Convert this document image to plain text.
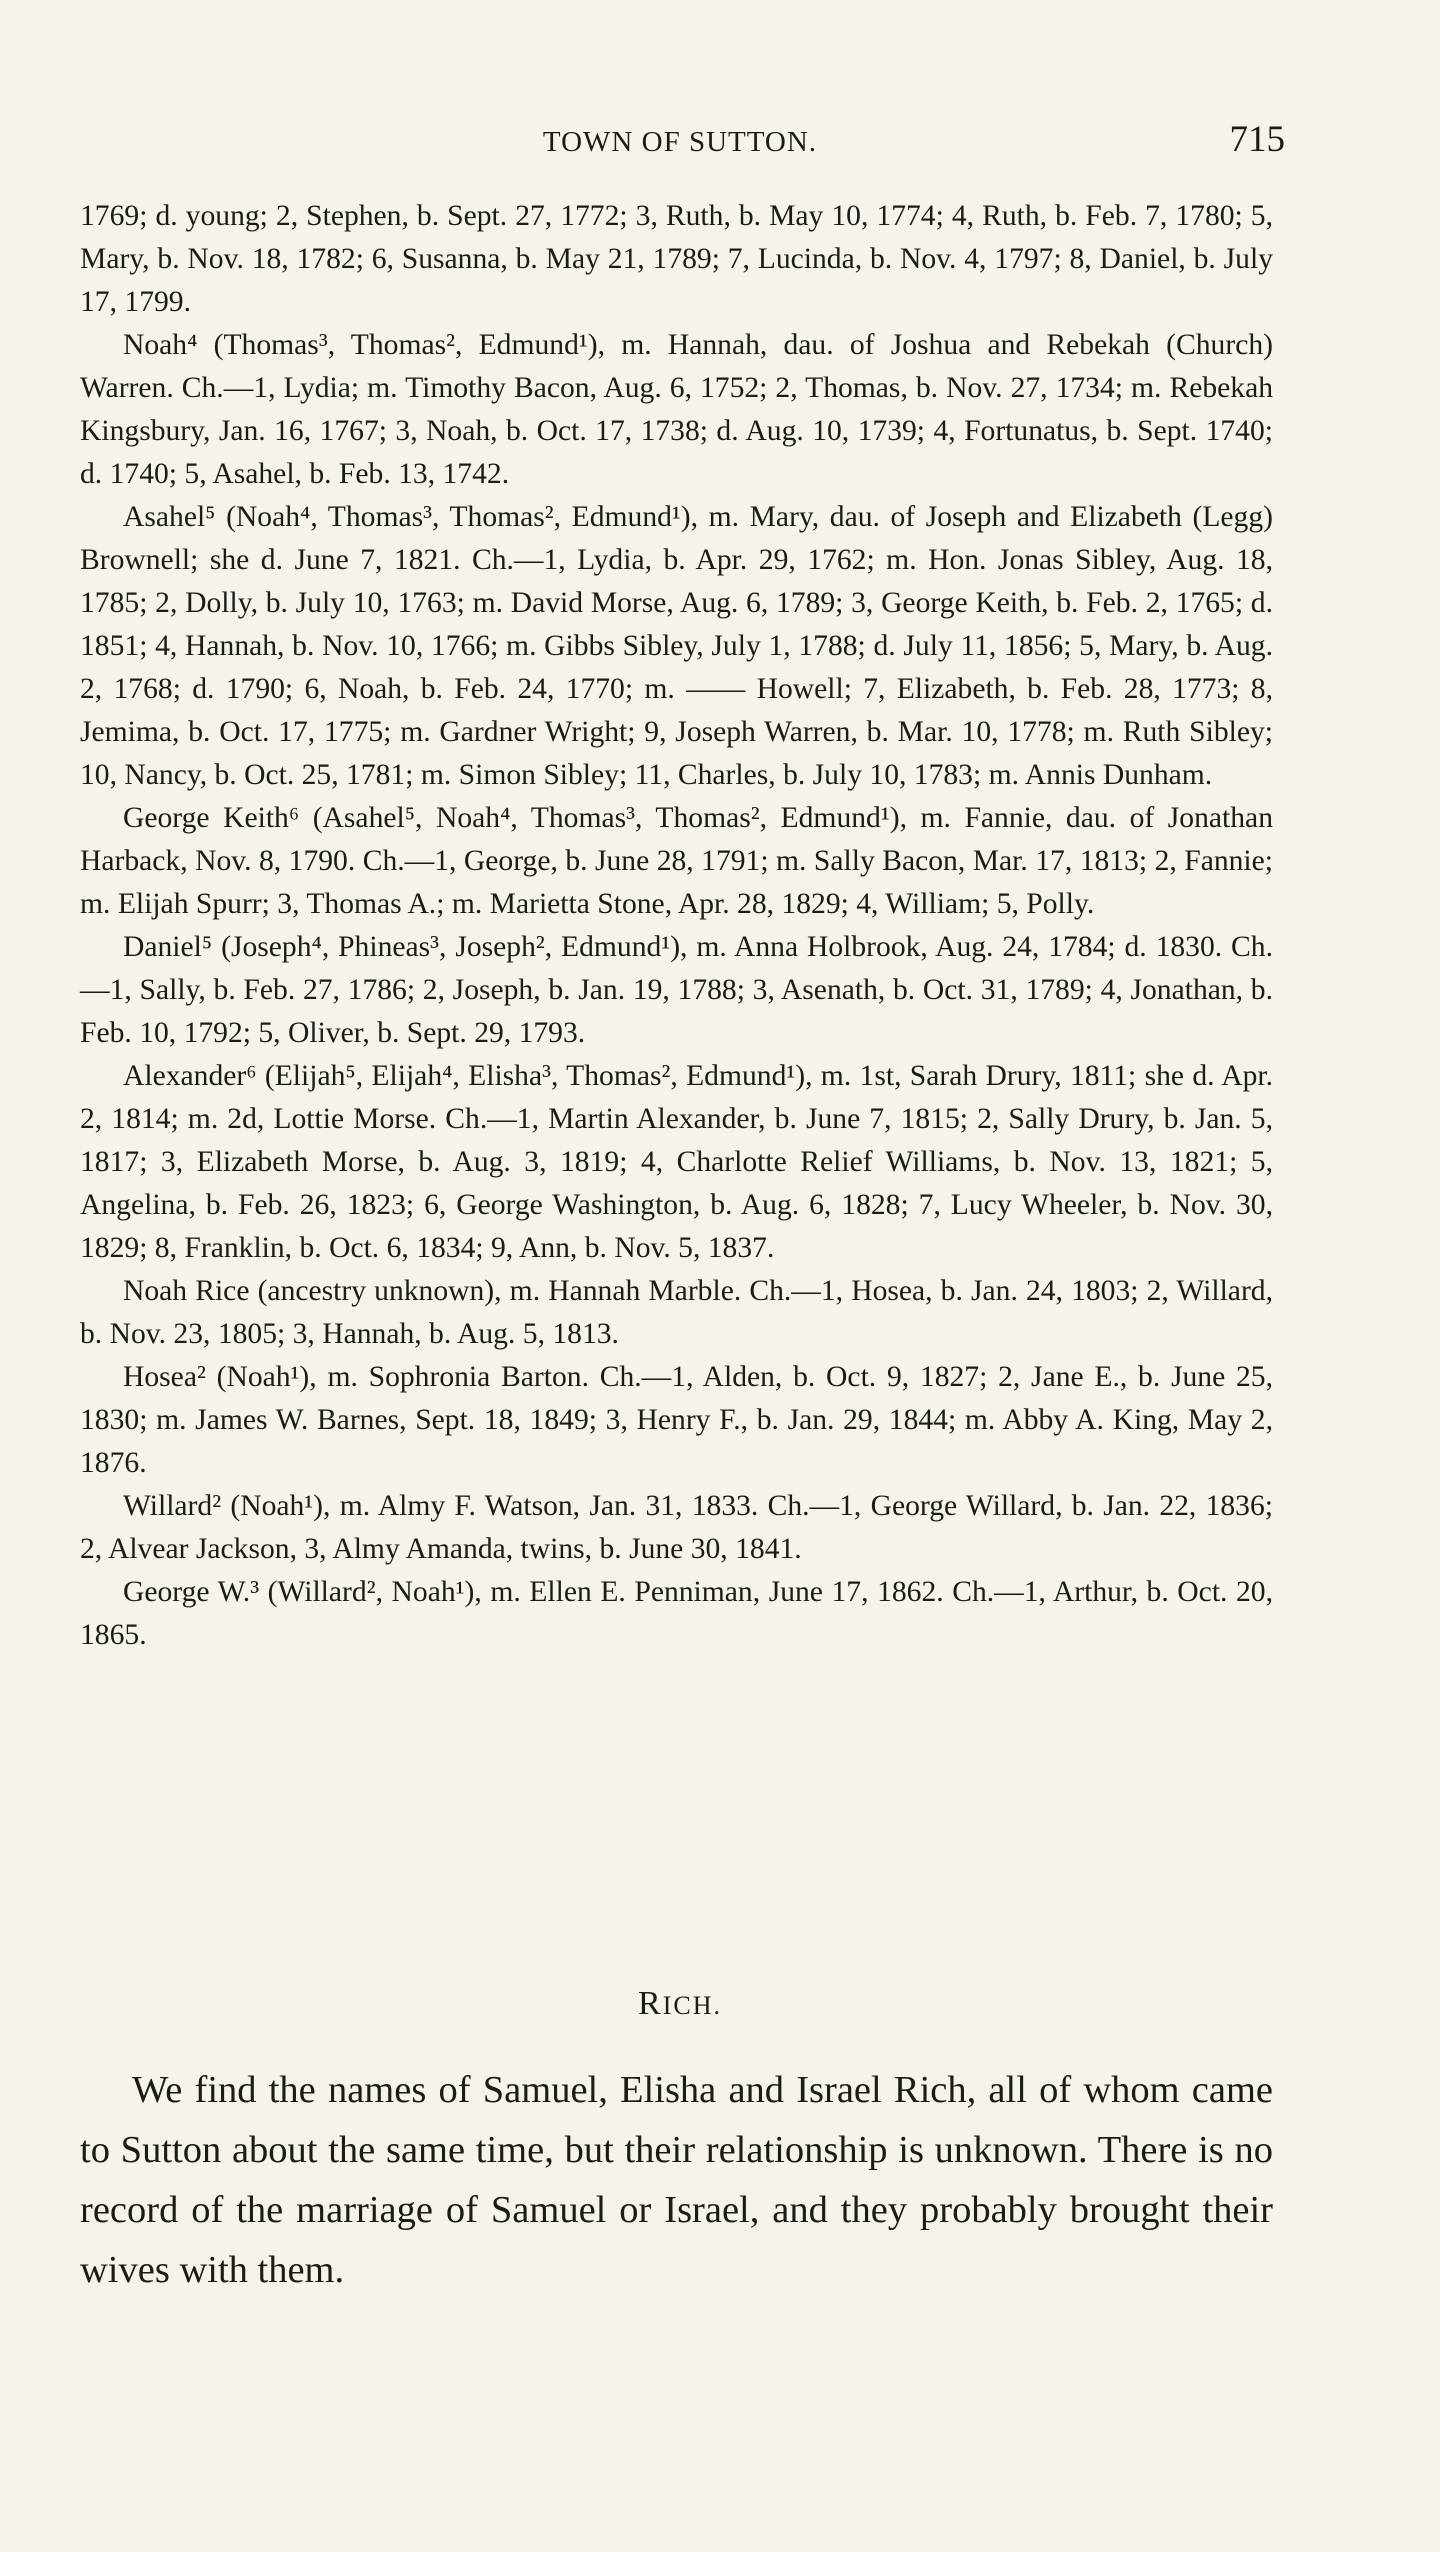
TOWN OF SUTTON.	715

1769; d. young; 2, Stephen, b. Sept. 27, 1772; 3, Ruth, b. May 10, 1774; 4, Ruth, b. Feb. 7, 1780; 5, Mary, b. Nov. 18, 1782; 6, Susanna, b. May 21, 1789; 7, Lucinda, b. Nov. 4, 1797; 8, Daniel, b. July 17, 1799.

Noah⁴ (Thomas³, Thomas², Edmund¹), m. Hannah, dau. of Joshua and Rebekah (Church) Warren. Ch.—1, Lydia; m. Timothy Bacon, Aug. 6, 1752; 2, Thomas, b. Nov. 27, 1734; m. Rebekah Kingsbury, Jan. 16, 1767; 3, Noah, b. Oct. 17, 1738; d. Aug. 10, 1739; 4, Fortunatus, b. Sept. 1740; d. 1740; 5, Asahel, b. Feb. 13, 1742.

Asahel⁵ (Noah⁴, Thomas³, Thomas², Edmund¹), m. Mary, dau. of Joseph and Elizabeth (Legg) Brownell; she d. June 7, 1821. Ch.—1, Lydia, b. Apr. 29, 1762; m. Hon. Jonas Sibley, Aug. 18, 1785; 2, Dolly, b. July 10, 1763; m. David Morse, Aug. 6, 1789; 3, George Keith, b. Feb. 2, 1765; d. 1851; 4, Hannah, b. Nov. 10, 1766; m. Gibbs Sibley, July 1, 1788; d. July 11, 1856; 5, Mary, b. Aug. 2, 1768; d. 1790; 6, Noah, b. Feb. 24, 1770; m. —— Howell; 7, Elizabeth, b. Feb. 28, 1773; 8, Jemima, b. Oct. 17, 1775; m. Gardner Wright; 9, Joseph Warren, b. Mar. 10, 1778; m. Ruth Sibley; 10, Nancy, b. Oct. 25, 1781; m. Simon Sibley; 11, Charles, b. July 10, 1783; m. Annis Dunham.

George Keith⁶ (Asahel⁵, Noah⁴, Thomas³, Thomas², Edmund¹), m. Fannie, dau. of Jonathan Harback, Nov. 8, 1790. Ch.—1, George, b. June 28, 1791; m. Sally Bacon, Mar. 17, 1813; 2, Fannie; m. Elijah Spurr; 3, Thomas A.; m. Marietta Stone, Apr. 28, 1829; 4, William; 5, Polly.

Daniel⁵ (Joseph⁴, Phineas³, Joseph², Edmund¹), m. Anna Holbrook, Aug. 24, 1784; d. 1830. Ch.—1, Sally, b. Feb. 27, 1786; 2, Joseph, b. Jan. 19, 1788; 3, Asenath, b. Oct. 31, 1789; 4, Jonathan, b. Feb. 10, 1792; 5, Oliver, b. Sept. 29, 1793.

Alexander⁶ (Elijah⁵, Elijah⁴, Elisha³, Thomas², Edmund¹), m. 1st, Sarah Drury, 1811; she d. Apr. 2, 1814; m. 2d, Lottie Morse. Ch.—1, Martin Alexander, b. June 7, 1815; 2, Sally Drury, b. Jan. 5, 1817; 3, Elizabeth Morse, b. Aug. 3, 1819; 4, Charlotte Relief Williams, b. Nov. 13, 1821; 5, Angelina, b. Feb. 26, 1823; 6, George Washington, b. Aug. 6, 1828; 7, Lucy Wheeler, b. Nov. 30, 1829; 8, Franklin, b. Oct. 6, 1834; 9, Ann, b. Nov. 5, 1837.

Noah Rice (ancestry unknown), m. Hannah Marble. Ch.—1, Hosea, b. Jan. 24, 1803; 2, Willard, b. Nov. 23, 1805; 3, Hannah, b. Aug. 5, 1813.

Hosea² (Noah¹), m. Sophronia Barton. Ch.—1, Alden, b. Oct. 9, 1827; 2, Jane E., b. June 25, 1830; m. James W. Barnes, Sept. 18, 1849; 3, Henry F., b. Jan. 29, 1844; m. Abby A. King, May 2, 1876.

Willard² (Noah¹), m. Almy F. Watson, Jan. 31, 1833. Ch.—1, George Willard, b. Jan. 22, 1836; 2, Alvear Jackson, 3, Almy Amanda, twins, b. June 30, 1841.

George W.³ (Willard², Noah¹), m. Ellen E. Penniman, June 17, 1862. Ch.—1, Arthur, b. Oct. 20, 1865.

RICH.

We find the names of Samuel, Elisha and Israel Rich, all of whom came to Sutton about the same time, but their relationship is unknown. There is no record of the marriage of Samuel or Israel, and they probably brought their wives with them.
